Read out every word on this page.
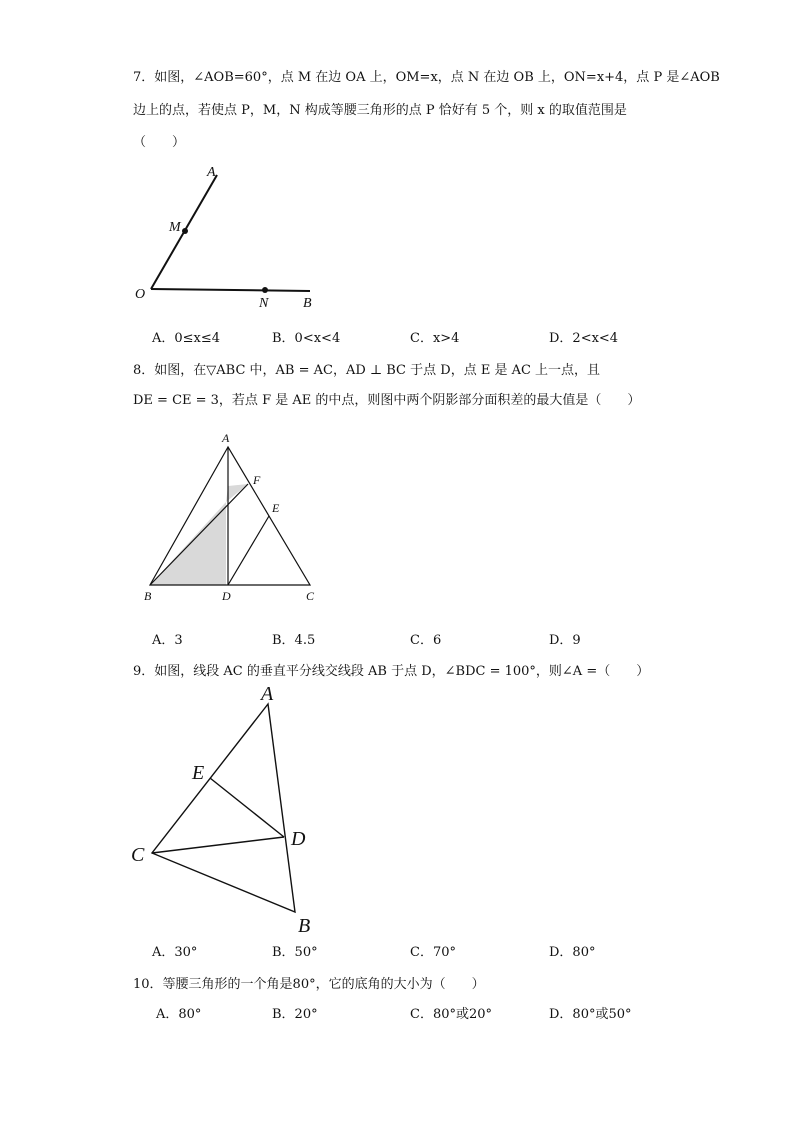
7．如图，∠AOB=60°，点 M 在边 OA 上，OM=x，点 N 在边 OB 上，ON=x+4，点 P 是∠AOB
边上的点，若使点 P，M，N 构成等腰三角形的点 P 恰好有 5 个，则 x 的取值范围是
（　　）
A
M
O
N B
A．0≤x≤4	B．0<x<4	C．x>4	D．2<x<4
8．如图，在▽ABC 中，AB = AC，AD ⊥ BC 于点 D，点 E 是 AC 上一点，且
DE = CE = 3，若点 F 是 AE 的中点，则图中两个阴影部分面积差的最大值是（　　）
A
F
E
B	D	C
A．3	B．4.5	C．6	D．9
9．如图，线段 AC 的垂直平分线交线段 AB 于点 D，∠BDC = 100°，则∠A =（　　）
A
E
D
C
B
A．30°	B．50°	C．70°	D．80°
10．等腰三角形的一个角是80°，它的底角的大小为（　　）
A．80°	B．20°	C．80°或20°	D．80°或50°
